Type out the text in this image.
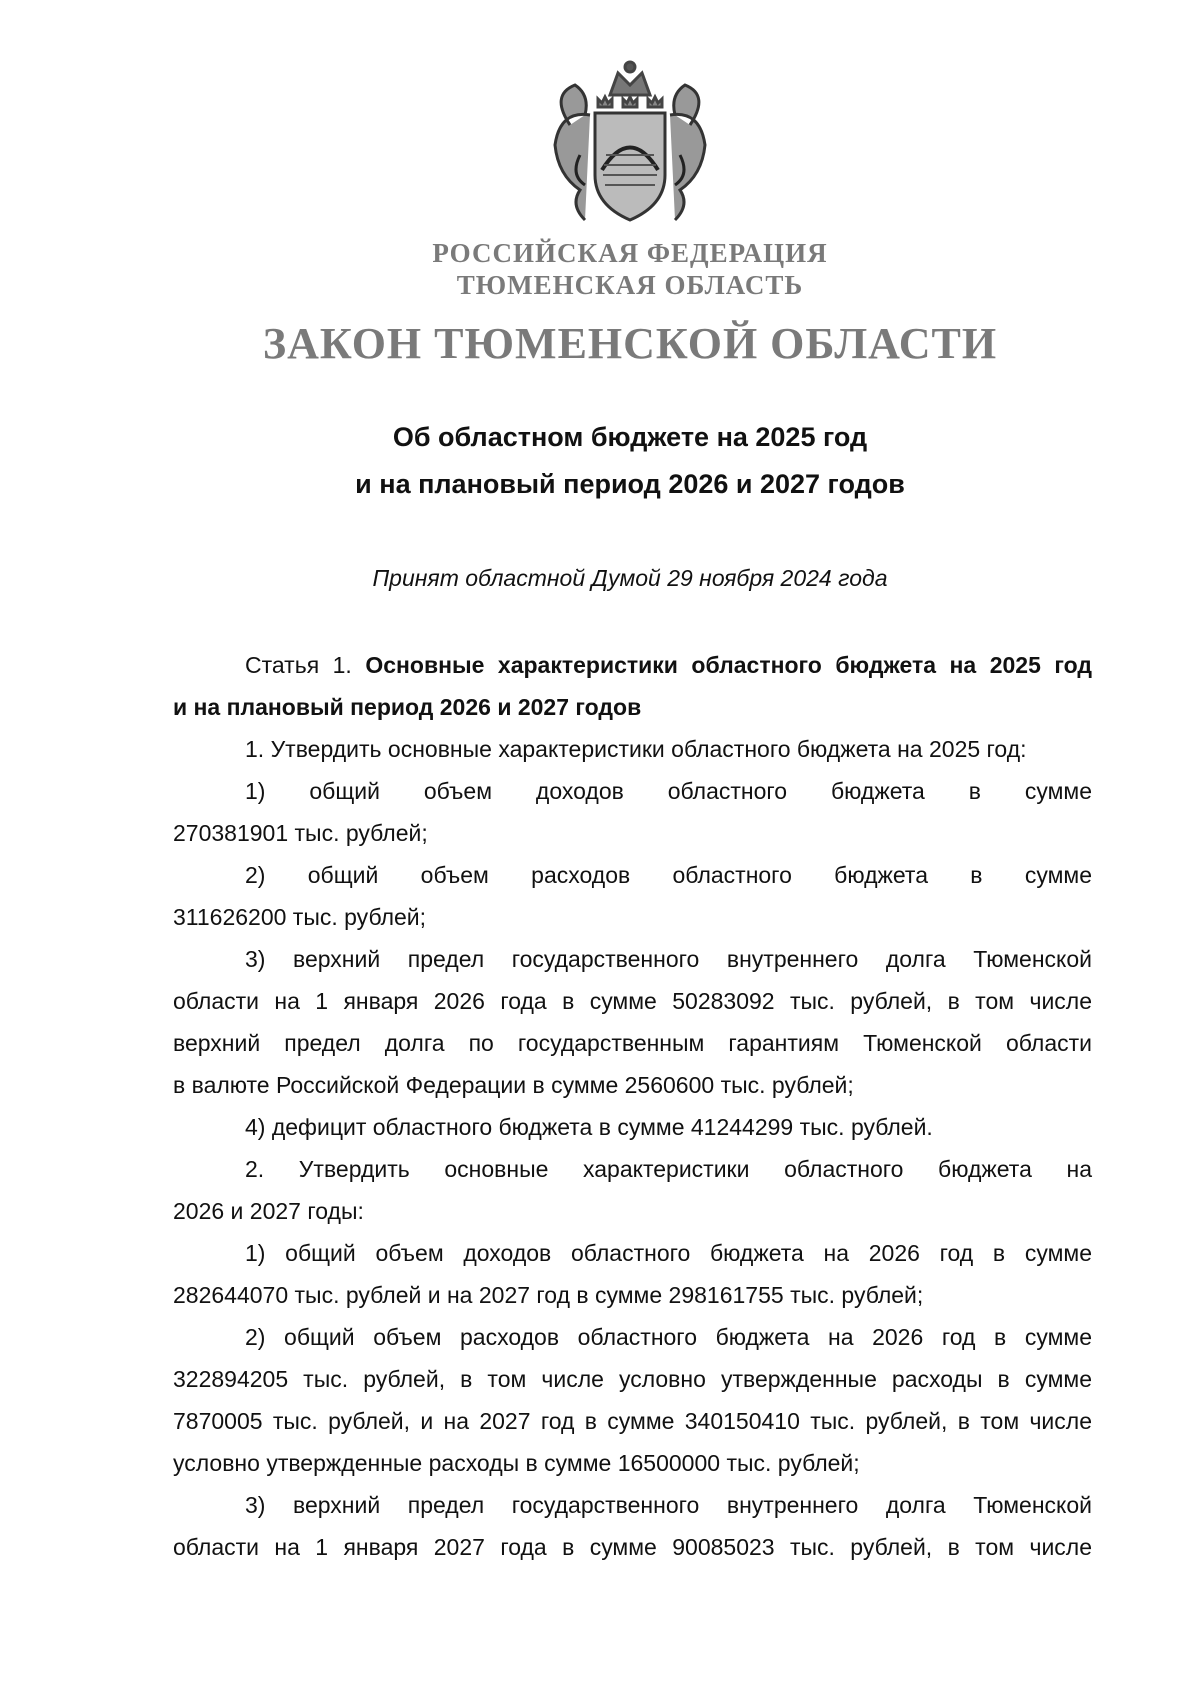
РОССИЙСКАЯ ФЕДЕРАЦИЯ
ТЮМЕНСКАЯ ОБЛАСТЬ
ЗАКОН ТЮМЕНСКОЙ ОБЛАСТИ
Об областном бюджете на 2025 год
и на плановый период 2026 и 2027 годов
Принят областной Думой 29 ноября 2024 года
Статья 1. Основные характеристики областного бюджета на 2025 год
и на плановый период 2026 и 2027 годов
1. Утвердить основные характеристики областного бюджета на 2025 год:
1) общий объем доходов областного бюджета в сумме
270381901 тыс. рублей;
2) общий объем расходов областного бюджета в сумме
311626200 тыс. рублей;
3) верхний предел государственного внутреннего долга Тюменской
области на 1 января 2026 года в сумме 50283092 тыс. рублей, в том числе
верхний предел долга по государственным гарантиям Тюменской области
в валюте Российской Федерации в сумме 2560600 тыс. рублей;
4) дефицит областного бюджета в сумме 41244299 тыс. рублей.
2. Утвердить основные характеристики областного бюджета на
2026 и 2027 годы:
1) общий объем доходов областного бюджета на 2026 год в сумме
282644070 тыс. рублей и на 2027 год в сумме 298161755 тыс. рублей;
2) общий объем расходов областного бюджета на 2026 год в сумме
322894205 тыс. рублей, в том числе условно утвержденные расходы в сумме
7870005 тыс. рублей, и на 2027 год в сумме 340150410 тыс. рублей, в том числе
условно утвержденные расходы в сумме 16500000 тыс. рублей;
3) верхний предел государственного внутреннего долга Тюменской
области на 1 января 2027 года в сумме 90085023 тыс. рублей, в том числе
